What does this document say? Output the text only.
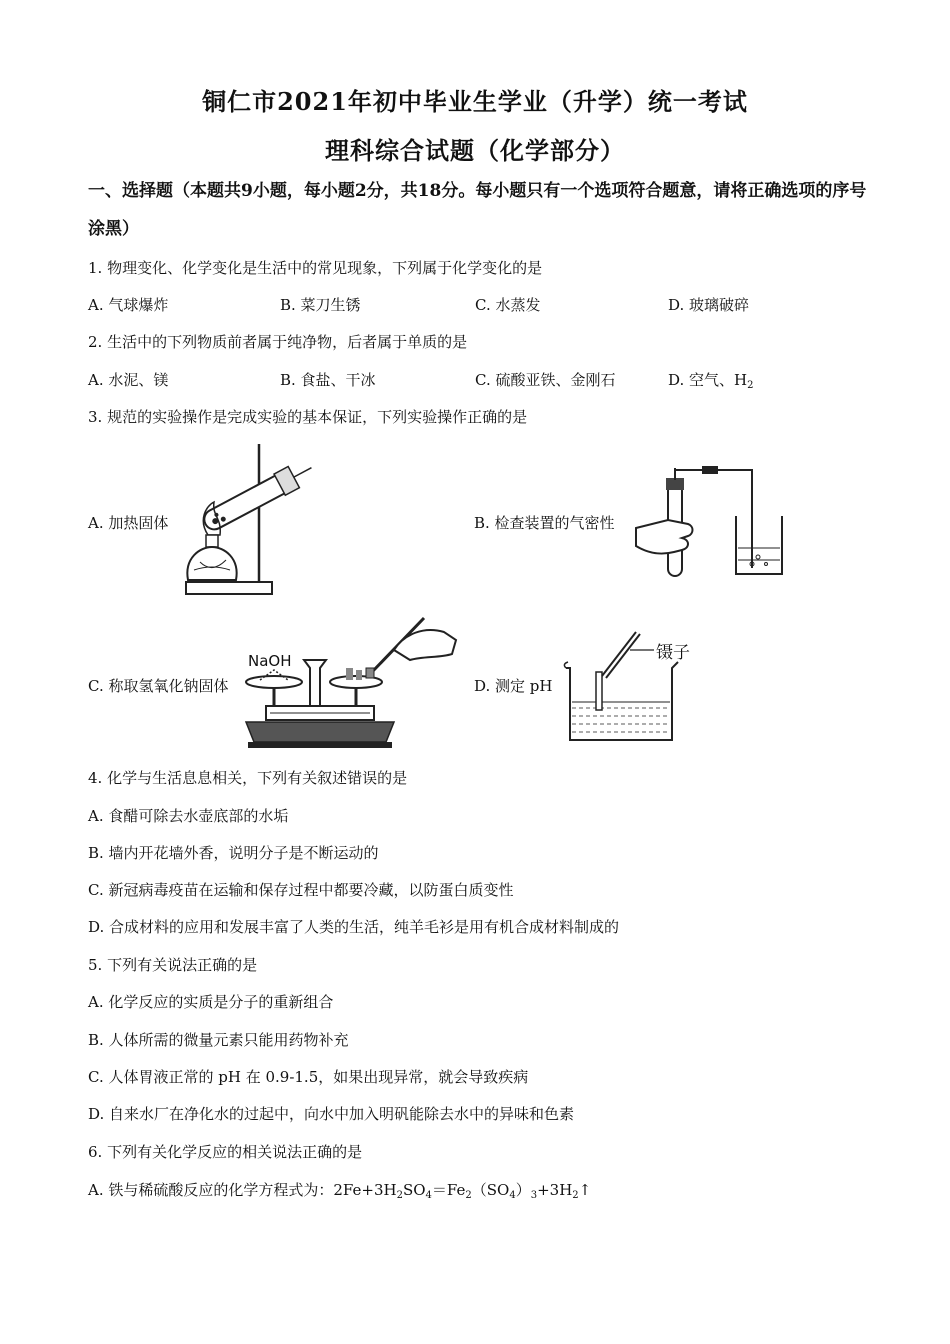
铜仁市2021年初中毕业生学业（升学）统一考试
理科综合试题（化学部分）
一、选择题（本题共9小题，每小题2分，共18分。每小题只有一个选项符合题意，请将正确选项的序号涂黑）
1. 物理变化、化学变化是生活中的常见现象，下列属于化学变化的是
A. 气球爆炸	B. 菜刀生锈	C. 水蒸发	D. 玻璃破碎
2. 生活中的下列物质前者属于纯净物，后者属于单质的是
A. 水泥、镁	B. 食盐、干冰	C. 硫酸亚铁、金刚石	D. 空气、$H_2$
3. 规范的实验操作是完成实验的基本保证，下列实验操作正确的是
A. 加热固体	B. 检查装置的气密性
C. 称取氢氧化钠固体
NaOH
D. 测定 pH
镊子
4. 化学与生活息息相关，下列有关叙述错误的是
A. 食醋可除去水壶底部的水垢
B. 墙内开花墙外香，说明分子是不断运动的
C. 新冠病毒疫苗在运输和保存过程中都要冷藏，以防蛋白质变性
D. 合成材料的应用和发展丰富了人类的生活，纯羊毛衫是用有机合成材料制成的
5. 下列有关说法正确的是
A. 化学反应的实质是分子的重新组合
B. 人体所需的微量元素只能用药物补充
C. 人体胃液正常的 pH 在 0.9-1.5，如果出现异常，就会导致疾病
D. 自来水厂在净化水的过起中，向水中加入明矾能除去水中的异味和色素
6. 下列有关化学反应的相关说法正确的是
A. 铁与稀硫酸反应的化学方程式为：$2Fe+3H_2SO_4=Fe_2(SO_4)_3+3H_2↑$
